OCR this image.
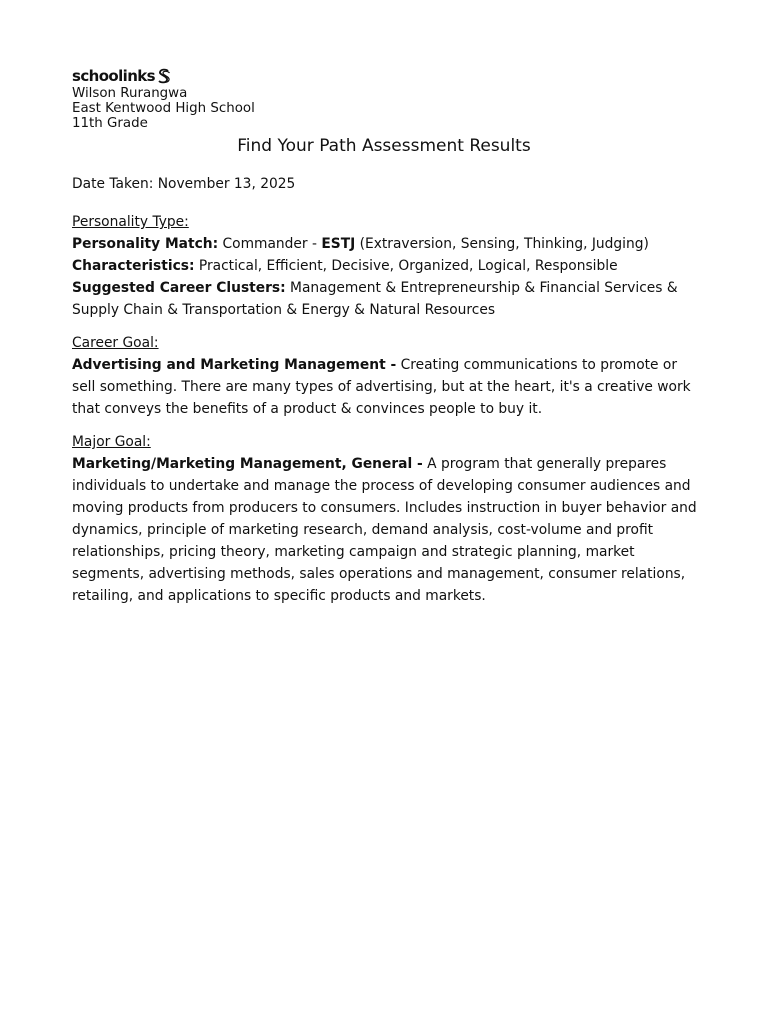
schoolinks
Wilson Rurangwa
East Kentwood High School
11th Grade
Find Your Path Assessment Results
Date Taken: November 13, 2025
Personality Type:

Personality Match: Commander - ESTJ (Extraversion, Sensing, Thinking, Judging)

Characteristics: Practical, Efficient, Decisive, Organized, Logical, Responsible

Suggested Career Clusters: Management & Entrepreneurship & Financial Services & Supply Chain & Transportation & Energy & Natural Resources

Career Goal:

Advertising and Marketing Management - Creating communications to promote or sell something. There are many types of advertising, but at the heart, it's a creative work that conveys the benefits of a product & convinces people to buy it.

Major Goal:

Marketing/Marketing Management, General - A program that generally prepares individuals to undertake and manage the process of developing consumer audiences and moving products from producers to consumers. Includes instruction in buyer behavior and dynamics, principle of marketing research, demand analysis, cost-volume and profit relationships, pricing theory, marketing campaign and strategic planning, market segments, advertising methods, sales operations and management, consumer relations, retailing, and applications to specific products and markets.
